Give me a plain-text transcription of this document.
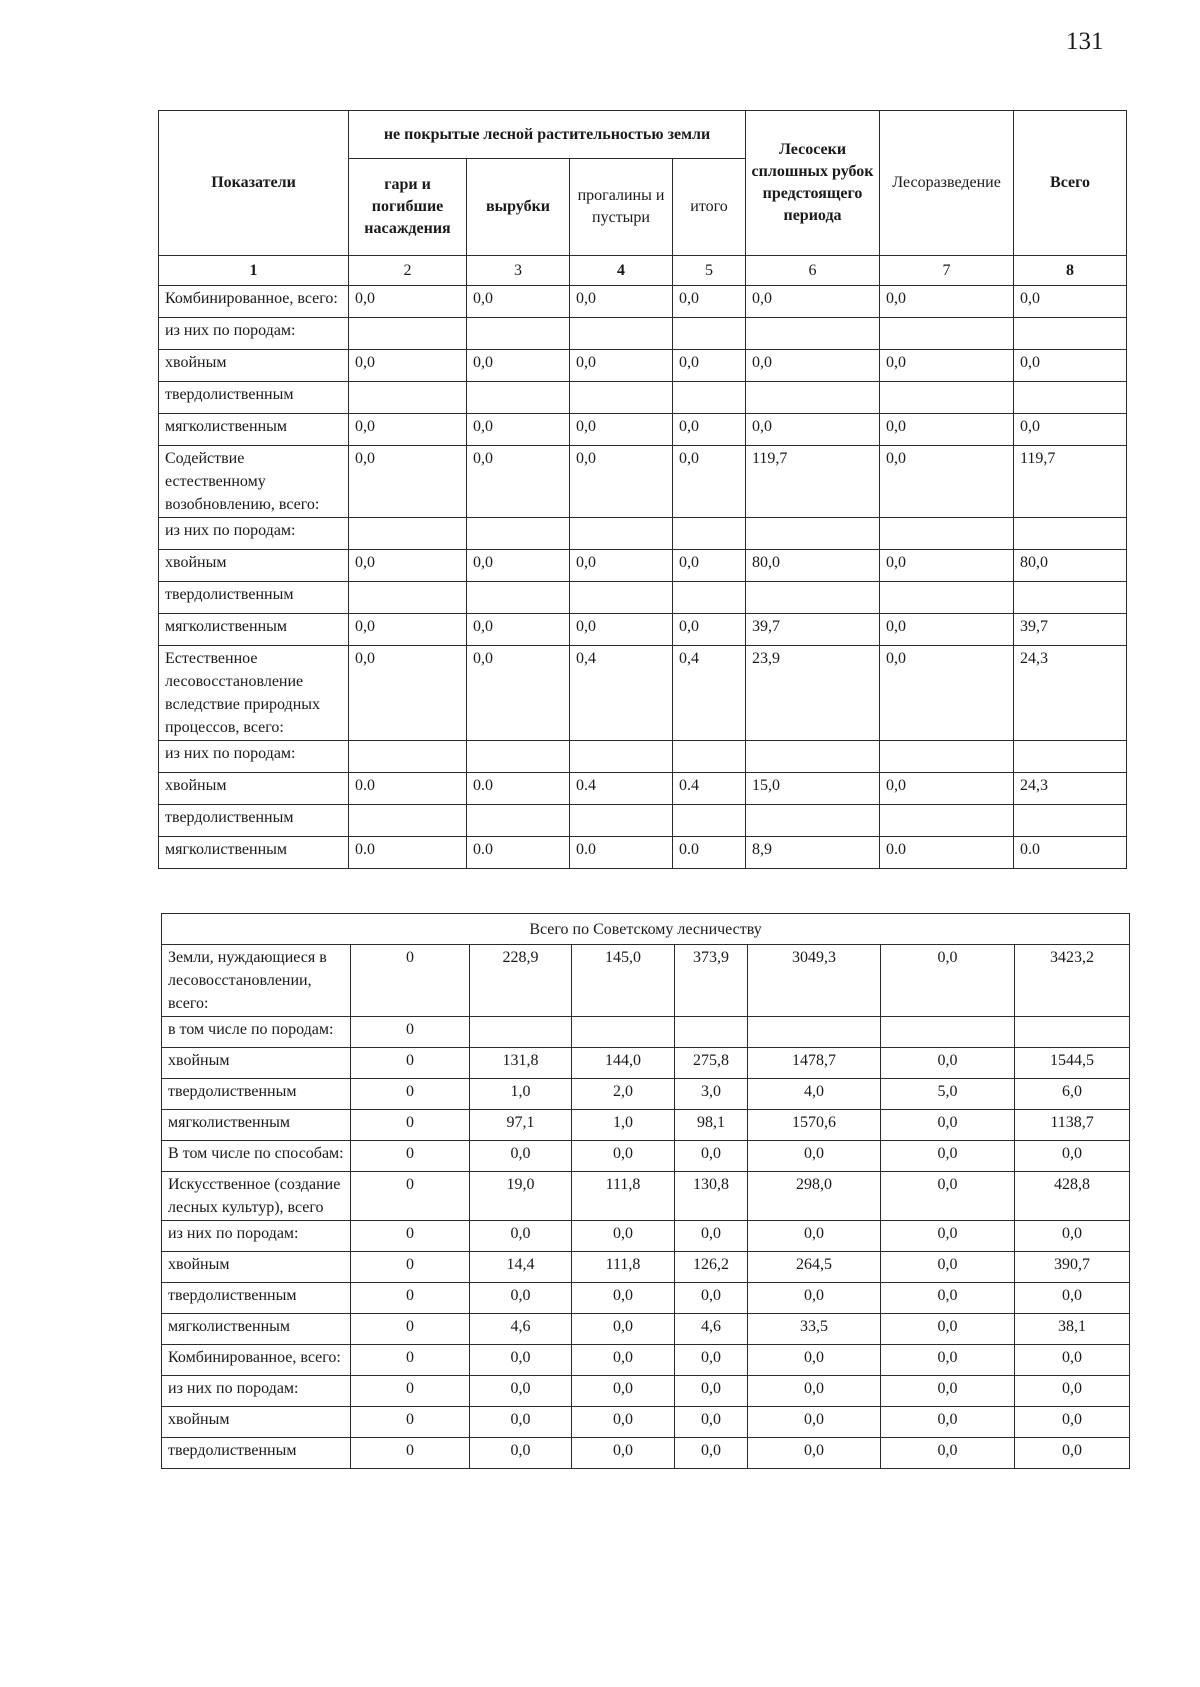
131
Показатели	не покрытые лесной растительностью земли				Лесосеки сплошных рубок предстоящего периода	Лесоразведение	Всего
	гари и погибшие насаждения	вырубки	прогалины и пустыри	итого			
1	2	3	4	5	6	7	8
Комбинированное, всего:	0,0	0,0	0,0	0,0	0,0	0,0	0,0
из них по породам:							
хвойным	0,0	0,0	0,0	0,0	0,0	0,0	0,0
твердолиственным							
мягколиственным	0,0	0,0	0,0	0,0	0,0	0,0	0,0
Содействие естественному возобновлению, всего:	0,0	0,0	0,0	0,0	119,7	0,0	119,7
из них по породам:							
хвойным	0,0	0,0	0,0	0,0	80,0	0,0	80,0
твердолиственным							
мягколиственным	0,0	0,0	0,0	0,0	39,7	0,0	39,7
Естественное лесовосстановление вследствие природных процессов, всего:	0,0	0,0	0,4	0,4	23,9	0,0	24,3
из них по породам:							
хвойным	0.0	0.0	0.4	0.4	15,0	0,0	24,3
твердолиственным							
мягколиственным	0.0	0.0	0.0	0.0	8,9	0.0	0.0
Всего по Советскому лесничеству							
Земли, нуждающиеся в лесовосстановлении, всего:	0	228,9	145,0	373,9	3049,3	0,0	3423,2
в том числе по породам:	0						
хвойным	0	131,8	144,0	275,8	1478,7	0,0	1544,5
твердолиственным	0	1,0	2,0	3,0	4,0	5,0	6,0
мягколиственным	0	97,1	1,0	98,1	1570,6	0,0	1138,7
В том числе по способам:	0	0,0	0,0	0,0	0,0	0,0	0,0
Искусственное (создание лесных культур), всего	0	19,0	111,8	130,8	298,0	0,0	428,8
из них по породам:	0	0,0	0,0	0,0	0,0	0,0	0,0
хвойным	0	14,4	111,8	126,2	264,5	0,0	390,7
твердолиственным	0	0,0	0,0	0,0	0,0	0,0	0,0
мягколиственным	0	4,6	0,0	4,6	33,5	0,0	38,1
Комбинированное, всего:	0	0,0	0,0	0,0	0,0	0,0	0,0
из них по породам:	0	0,0	0,0	0,0	0,0	0,0	0,0
хвойным	0	0,0	0,0	0,0	0,0	0,0	0,0
твердолиственным	0	0,0	0,0	0,0	0,0	0,0	0,0
